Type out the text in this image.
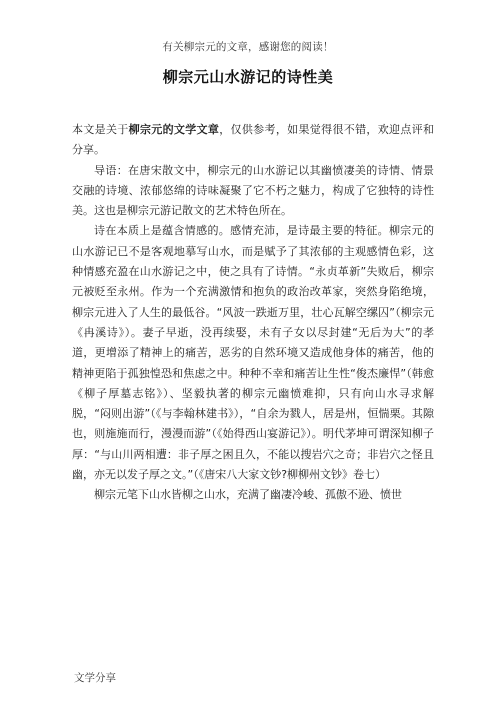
有关柳宗元的文章，感谢您的阅读！
柳宗元山水游记的诗性美

本文是关于柳宗元的文学文章，仅供参考，如果觉得很不错，欢迎点评和分享。

导语：在唐宋散文中，柳宗元的山水游记以其幽愤凄美的诗情、情景交融的诗境、浓郁悠绵的诗味凝聚了它不朽之魅力，构成了它独特的诗性美。这也是柳宗元游记散文的艺术特色所在。

诗在本质上是蕴含情感的。感情充沛，是诗最主要的特征。柳宗元的山水游记已不是客观地摹写山水，而是赋予了其浓郁的主观感情色彩，这种情感充盈在山水游记之中，使之具有了诗情。“永贞革新”失败后，柳宗元被贬至永州。作为一个充满激情和抱负的政治改革家，突然身陷绝境，柳宗元进入了人生的最低谷。“风波一跌逝万里，壮心瓦解空缧囚”（柳宗元《冉溪诗》）。妻子早逝，没再续娶，未有子女以尽封建“无后为大”的孝道，更增添了精神上的痛苦，恶劣的自然环境又造成他身体的痛苦，他的精神更陷于孤独惶恐和焦虑之中。种种不幸和痛苦让生性“俊杰廉悍”（韩愈《柳子厚墓志铭》）、坚毅执著的柳宗元幽愤难抑，只有向山水寻求解脱，“闷则出游”（《与李翰林建书》），“自余为戮人，居是州，恒惴栗。其隙也，则施施而行，漫漫而游”（《始得西山宴游记》）。明代茅坤可谓深知柳子厚：“与山川两相遭：非子厚之困且久，不能以搜岩穴之奇；非岩穴之怪且幽，亦无以发子厚之文。”（《唐宋八大家文钞?柳柳州文钞》卷七）

柳宗元笔下山水皆柳之山水，充满了幽凄冷峻、孤傲不逊、愤世

文学分享
